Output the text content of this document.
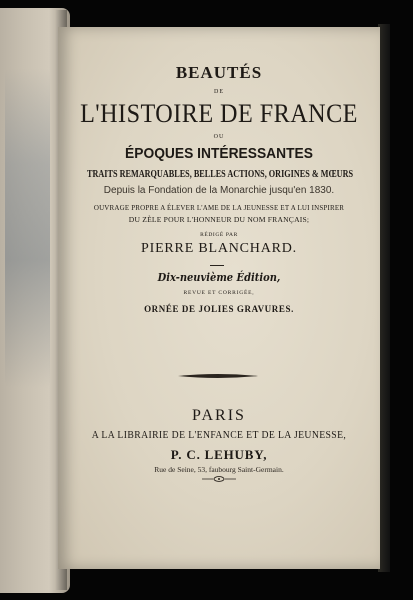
BEAUTÉS
DE
L'HISTOIRE DE FRANCE
OU
ÉPOQUES INTÉRESSANTES
TRAITS REMARQUABLES, BELLES ACTIONS, ORIGINES & MŒURS
Depuis la Fondation de la Monarchie jusqu'en 1830.
OUVRAGE PROPRE A ÉLEVER L'AME DE LA JEUNESSE ET A LUI INSPIRER
DU ZÈLE POUR L'HONNEUR DU NOM FRANÇAIS;
RÉDIGÉ PAR
PIERRE BLANCHARD.
Dix-neuvième Édition,
REVUE ET CORRIGÉE,
ORNÉE DE JOLIES GRAVURES.
PARIS
A LA LIBRAIRIE DE L'ENFANCE ET DE LA JEUNESSE,
P. C. LEHUBY,
Rue de Seine, 53, faubourg Saint-Germain.
